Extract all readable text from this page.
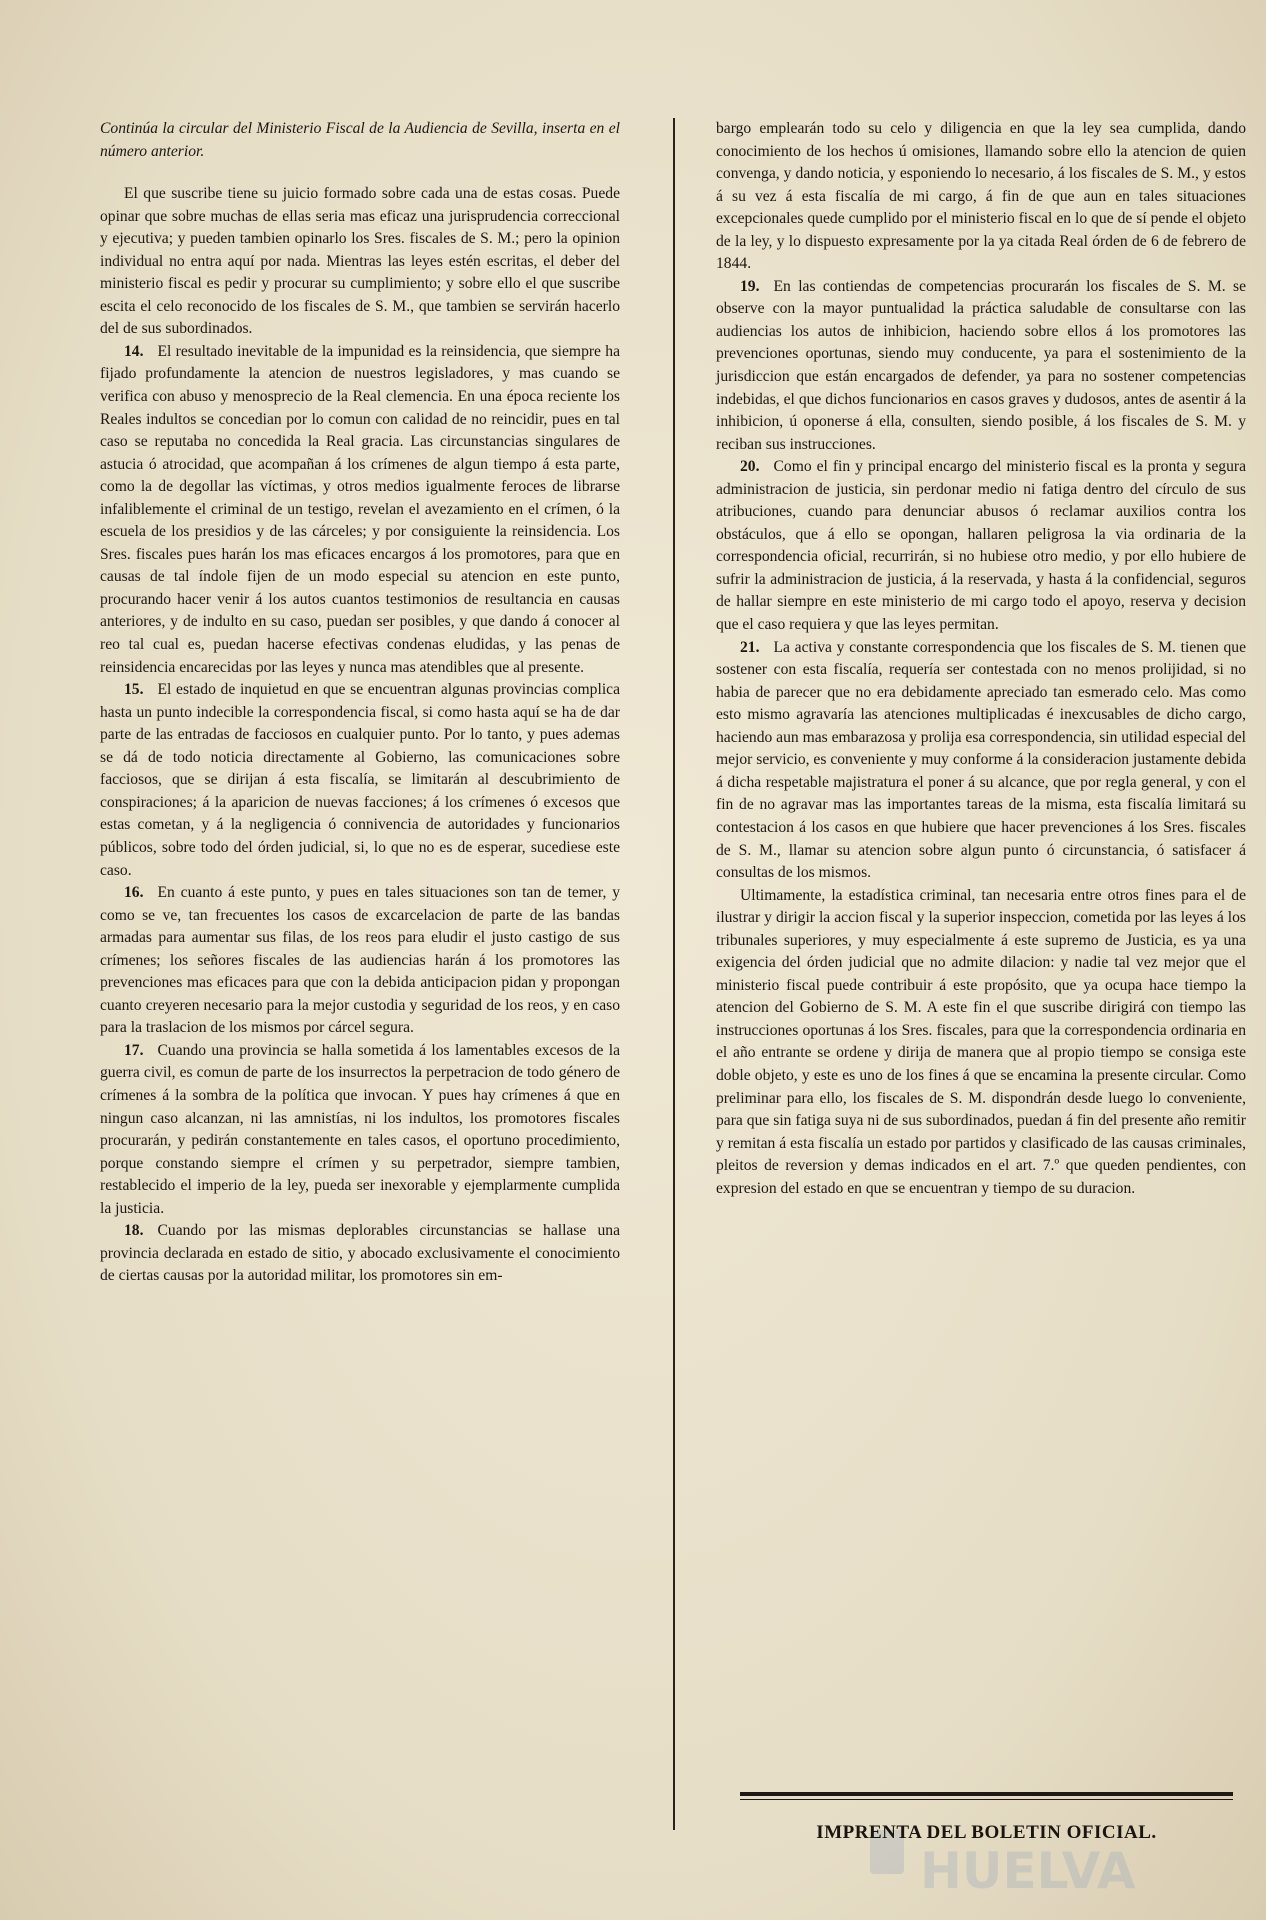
Continúa la circular del Ministerio Fiscal de la Audiencia de Sevilla, inserta en el número anterior.

El que suscribe tiene su juicio formado sobre cada una de estas cosas. Puede opinar que sobre muchas de ellas seria mas eficaz una jurisprudencia correccional y ejecutiva; y pueden tambien opinarlo los Sres. fiscales de S. M.; pero la opinion individual no entra aquí por nada. Mientras las leyes estén escritas, el deber del ministerio fiscal es pedir y procurar su cumplimiento; y sobre ello el que suscribe escita el celo reconocido de los fiscales de S. M., que tambien se servirán hacerlo del de sus subordinados.

14. El resultado inevitable de la impunidad es la reinsidencia, que siempre ha fijado profundamente la atencion de nuestros legisladores, y mas cuando se verifica con abuso y menosprecio de la Real clemencia. En una época reciente los Reales indultos se concedian por lo comun con calidad de no reincidir, pues en tal caso se reputaba no concedida la Real gracia. Las circunstancias singulares de astucia ó atrocidad, que acompañan á los crímenes de algun tiempo á esta parte, como la de degollar las víctimas, y otros medios igualmente feroces de librarse infaliblemente el criminal de un testigo, revelan el avezamiento en el crímen, ó la escuela de los presidios y de las cárceles; y por consiguiente la reinsidencia. Los Sres. fiscales pues harán los mas eficaces encargos á los promotores, para que en causas de tal índole fijen de un modo especial su atencion en este punto, procurando hacer venir á los autos cuantos testimonios de resultancia en causas anteriores, y de indulto en su caso, puedan ser posibles, y que dando á conocer al reo tal cual es, puedan hacerse efectivas condenas eludidas, y las penas de reinsidencia encarecidas por las leyes y nunca mas atendibles que al presente.

15. El estado de inquietud en que se encuentran algunas provincias complica hasta un punto indecible la correspondencia fiscal, si como hasta aquí se ha de dar parte de las entradas de facciosos en cualquier punto. Por lo tanto, y pues ademas se dá de todo noticia directamente al Gobierno, las comunicaciones sobre facciosos, que se dirijan á esta fiscalía, se limitarán al descubrimiento de conspiraciones; á la aparicion de nuevas facciones; á los crímenes ó excesos que estas cometan, y á la negligencia ó connivencia de autoridades y funcionarios públicos, sobre todo del órden judicial, si, lo que no es de esperar, sucediese este caso.

16. En cuanto á este punto, y pues en tales situaciones son tan de temer, y como se ve, tan frecuentes los casos de excarcelacion de parte de las bandas armadas para aumentar sus filas, de los reos para eludir el justo castigo de sus crímenes; los señores fiscales de las audiencias harán á los promotores las prevenciones mas eficaces para que con la debida anticipacion pidan y propongan cuanto creyeren necesario para la mejor custodia y seguridad de los reos, y en caso para la traslacion de los mismos por cárcel segura.

17. Cuando una provincia se halla sometida á los lamentables excesos de la guerra civil, es comun de parte de los insurrectos la perpetracion de todo género de crímenes á la sombra de la política que invocan. Y pues hay crímenes á que en ningun caso alcanzan, ni las amnistías, ni los indultos, los promotores fiscales procurarán, y pedirán constantemente en tales casos, el oportuno procedimiento, porque constando siempre el crímen y su perpetrador, siempre tambien, restablecido el imperio de la ley, pueda ser inexorable y ejemplarmente cumplida la justicia.

18. Cuando por las mismas deplorables circunstancias se hallase una provincia declarada en estado de sitio, y abocado exclusivamente el conocimiento de ciertas causas por la autoridad militar, los promotores sin em-

bargo emplearán todo su celo y diligencia en que la ley sea cumplida, dando conocimiento de los hechos ú omisiones, llamando sobre ello la atencion de quien convenga, y dando noticia, y esponiendo lo necesario, á los fiscales de S. M., y estos á su vez á esta fiscalía de mi cargo, á fin de que aun en tales situaciones excepcionales quede cumplido por el ministerio fiscal en lo que de sí pende el objeto de la ley, y lo dispuesto expresamente por la ya citada Real órden de 6 de febrero de 1844.

19. En las contiendas de competencias procurarán los fiscales de S. M. se observe con la mayor puntualidad la práctica saludable de consultarse con las audiencias los autos de inhibicion, haciendo sobre ellos á los promotores las prevenciones oportunas, siendo muy conducente, ya para el sostenimiento de la jurisdiccion que están encargados de defender, ya para no sostener competencias indebidas, el que dichos funcionarios en casos graves y dudosos, antes de asentir á la inhibicion, ú oponerse á ella, consulten, siendo posible, á los fiscales de S. M. y reciban sus instrucciones.

20. Como el fin y principal encargo del ministerio fiscal es la pronta y segura administracion de justicia, sin perdonar medio ni fatiga dentro del círculo de sus atribuciones, cuando para denunciar abusos ó reclamar auxilios contra los obstáculos, que á ello se opongan, hallaren peligrosa la via ordinaria de la correspondencia oficial, recurrirán, si no hubiese otro medio, y por ello hubiere de sufrir la administracion de justicia, á la reservada, y hasta á la confidencial, seguros de hallar siempre en este ministerio de mi cargo todo el apoyo, reserva y decision que el caso requiera y que las leyes permitan.

21. La activa y constante correspondencia que los fiscales de S. M. tienen que sostener con esta fiscalía, requería ser contestada con no menos prolijidad, si no habia de parecer que no era debidamente apreciado tan esmerado celo. Mas como esto mismo agravaría las atenciones multiplicadas é inexcusables de dicho cargo, haciendo aun mas embarazosa y prolija esa correspondencia, sin utilidad especial del mejor servicio, es conveniente y muy conforme á la consideracion justamente debida á dicha respetable majistratura el poner á su alcance, que por regla general, y con el fin de no agravar mas las importantes tareas de la misma, esta fiscalía limitará su contestacion á los casos en que hubiere que hacer prevenciones á los Sres. fiscales de S. M., llamar su atencion sobre algun punto ó circunstancia, ó satisfacer á consultas de los mismos.

Ultimamente, la estadística criminal, tan necesaria entre otros fines para el de ilustrar y dirigir la accion fiscal y la superior inspeccion, cometida por las leyes á los tribunales superiores, y muy especialmente á este supremo de Justicia, es ya una exigencia del órden judicial que no admite dilacion: y nadie tal vez mejor que el ministerio fiscal puede contribuir á este propósito, que ya ocupa hace tiempo la atencion del Gobierno de S. M. A este fin el que suscribe dirigirá con tiempo las instrucciones oportunas á los Sres. fiscales, para que la correspondencia ordinaria en el año entrante se ordene y dirija de manera que al propio tiempo se consiga este doble objeto, y este es uno de los fines á que se encamina la presente circular. Como preliminar para ello, los fiscales de S. M. dispondrán desde luego lo conveniente, para que sin fatiga suya ni de sus subordinados, puedan á fin del presente año remitir y remitan á esta fiscalía un estado por partidos y clasificado de las causas criminales, pleitos de reversion y demas indicados en el art. 7.º que queden pendientes, con expresion del estado en que se encuentran y tiempo de su duracion.

HUELVA
IMPRENTA DEL BOLETIN OFICIAL.
